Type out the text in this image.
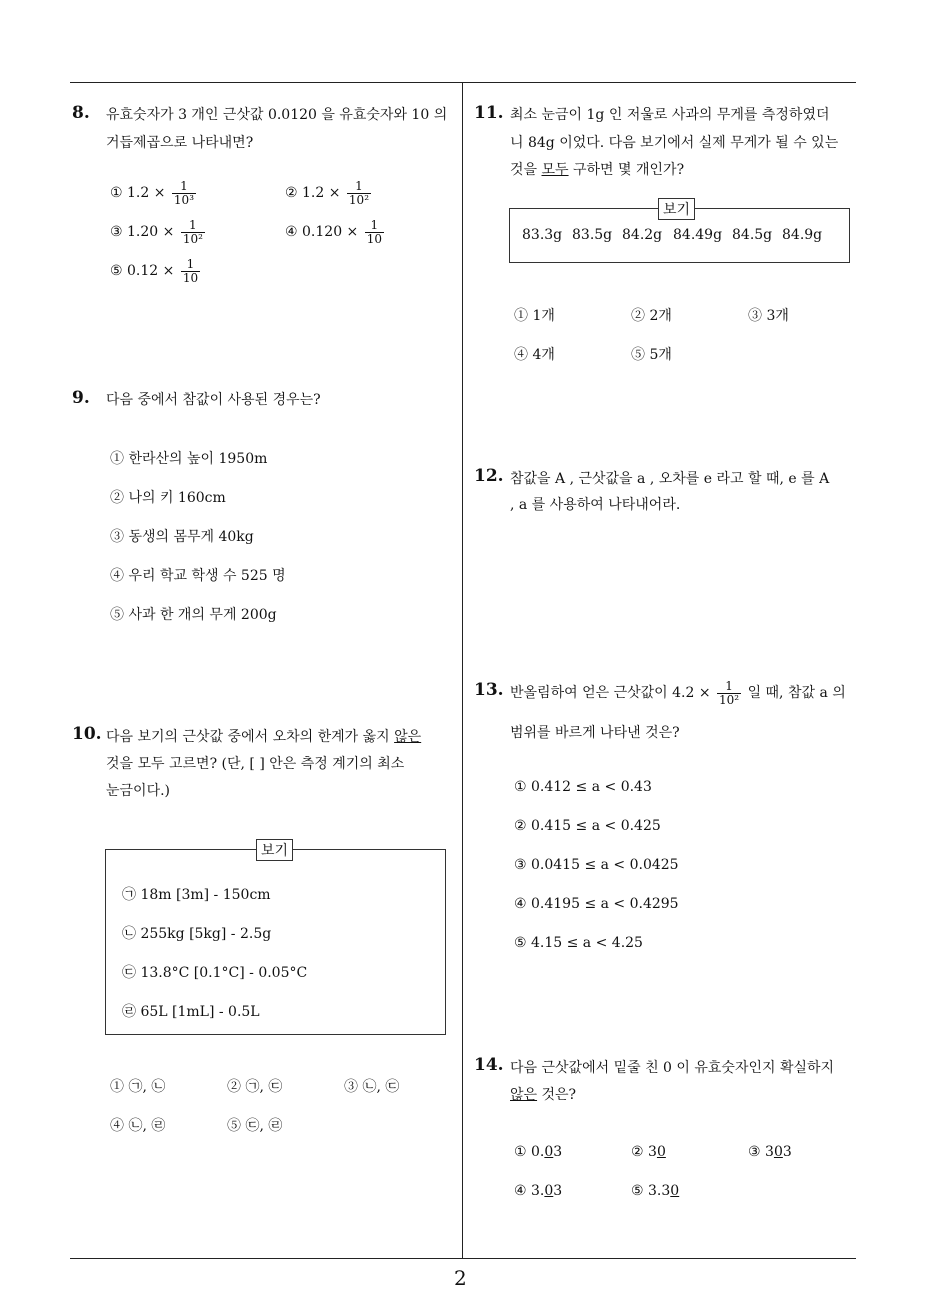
2
8. 유효숫자가 3 개인 근삿값 0.0120 을 유효숫자와 10 의
거듭제곱으로 나타내면?
① $1.2 \times \frac{1}{\text{10³}}$	② $1.2 \times \frac{1}{\text{10²}}$
③ $1.20 \times \frac{1}{\text{10²}}$	④ $0.120 \times \frac{1}{10}$
⑤ $0.12 \times \frac{1}{10}$
9. 다음 중에서 참값이 사용된 경우는?
① 한라산의 높이 1950m
② 나의 키 160cm
③ 동생의 몸무게 40kg
④ 우리 학교 학생 수 525 명
⑤ 사과 한 개의 무게 200g
10. 다음 보기의 근삿값 중에서 오차의 한계가 옳지 않은
것을 모두 고르면? (단, [ ] 안은 측정 계기의 최소
눈금이다.)
보기
㉠ 18m [3m] - 150cm
㉡ 255kg [5kg] - 2.5g
㉢ 13.8°C [0.1°C] - 0.05°C
㉣ 65L [1mL] - 0.5L
① ㉠, ㉡	② ㉠, ㉢	③ ㉡, ㉢
④ ㉡, ㉣	⑤ ㉢, ㉣
11. 최소 눈금이 1g 인 저울로 사과의 무게를 측정하였더
니 84g 이었다. 다음 보기에서 실제 무게가 될 수 있는
것을 모두 구하면 몇 개인가?
보기
83.3g 83.5g 84.2g 84.49g 84.5g 84.9g
① 1개	② 2개	③ 3개
④ 4개	⑤ 5개
12. 참값을 A , 근삿값을 a , 오차를 e 라고 할 때, e 를 A
, a 를 사용하여 나타내어라.
13. 반올림하여 얻은 근삿값이 $4.2 \times \frac{1}{\text{10²}}$ 일 때, 참값 a 의
범위를 바르게 나타낸 것은?
① 0.412 ≤ a < 0.43
② 0.415 ≤ a < 0.425
③ 0.0415 ≤ a < 0.0425
④ 0.4195 ≤ a < 0.4295
⑤ 4.15 ≤ a < 4.25
14. 다음 근삿값에서 밑줄 친 0 이 유효숫자인지 확실하지
않은 것은?
① 0.03	② 30	③ 303
④ 3.03	⑤ 3.30
